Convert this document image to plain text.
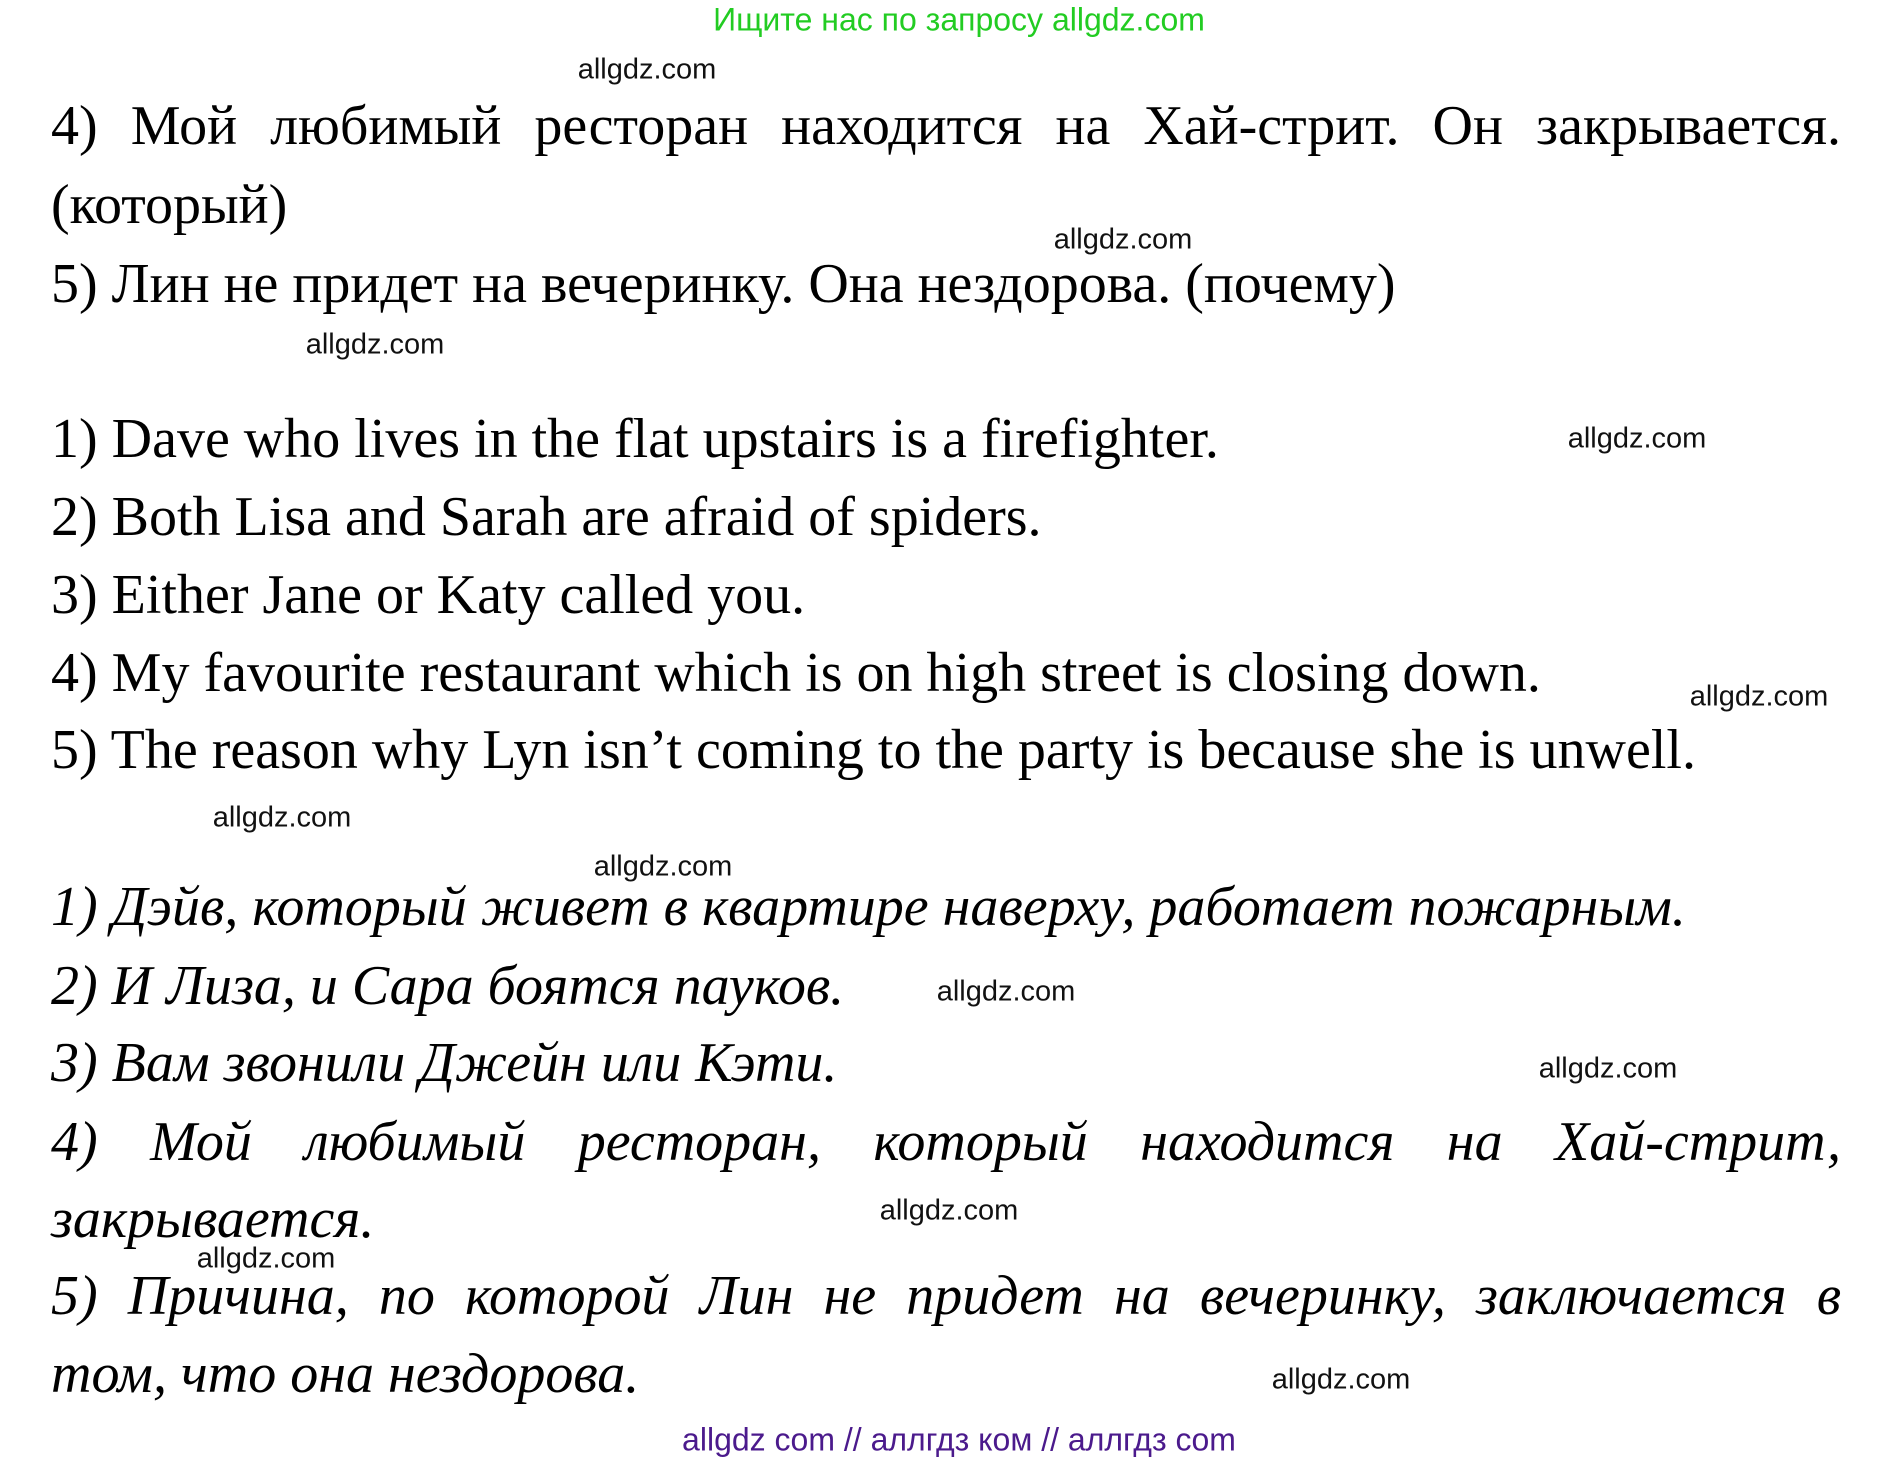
Ищите нас по запросу allgdz.com
4) Мой любимый ресторан находится на Хай-стрит. Он закрывается.
(который)
5) Лин не придет на вечеринку. Она нездорова. (почему)
1) Dave who lives in the flat upstairs is a firefighter.
2) Both Lisa and Sarah are afraid of spiders.
3) Either Jane or Katy called you.
4) My favourite restaurant which is on high street is closing down.
5) The reason why Lyn isn’t coming to the party is because she is unwell.
1) Дэйв, который живет в квартире наверху, работает пожарным.
2) И Лиза, и Сара боятся пауков.
3) Вам звонили Джейн или Кэти.
4) Мой любимый ресторан, который находится на Хай-стрит,
закрывается.
5) Причина, по которой Лин не придет на вечеринку, заключается в
том, что она нездорова.
allgdz.com
allgdz.com
allgdz.com
allgdz.com
allgdz.com
allgdz.com
allgdz.com
allgdz.com
allgdz.com
allgdz.com
allgdz.com
allgdz.com
allgdz com // аллгдз ком // аллгдз com
